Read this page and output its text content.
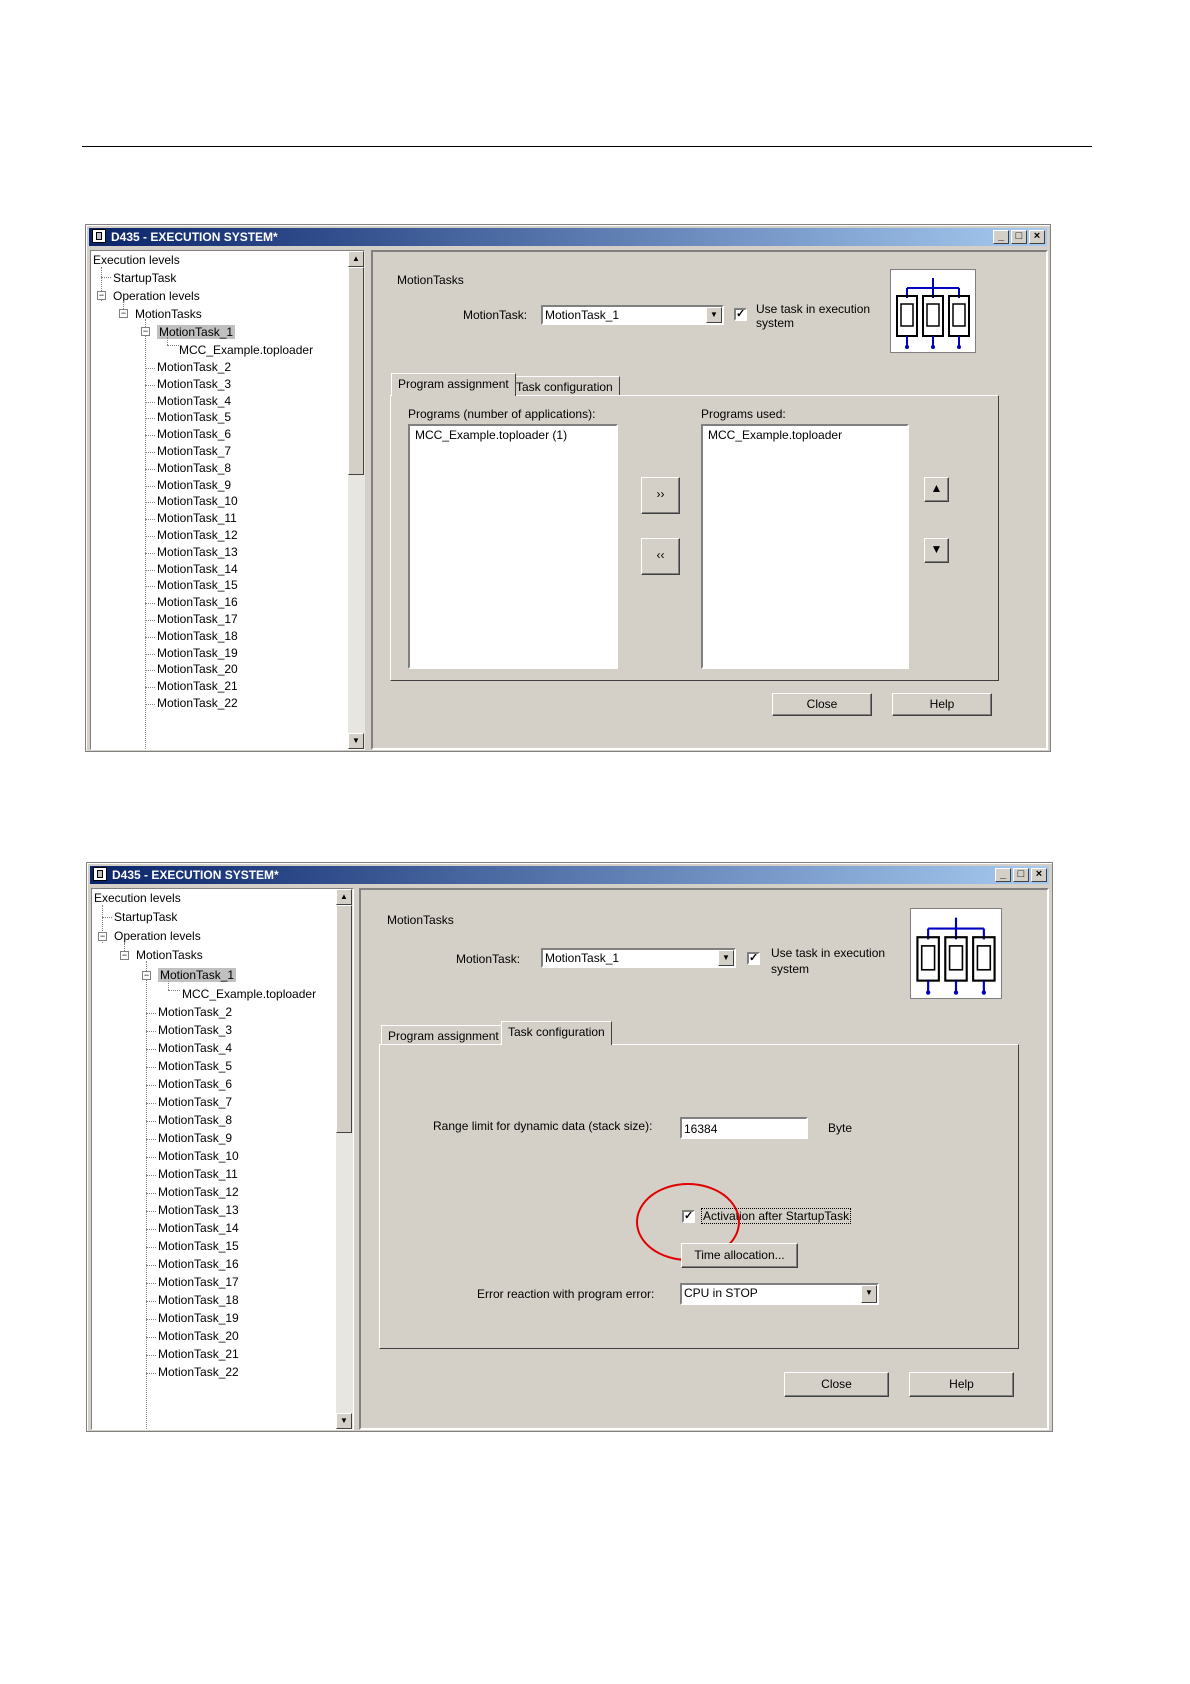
D435 - EXECUTION SYSTEM*	_	□	×
Execution levels
StartupTask
− Operation levels
− MotionTasks
− MotionTask_1
MCC_Example.toploader
MotionTask_2
MotionTask_3
MotionTask_4
MotionTask_5
MotionTask_6
MotionTask_7
MotionTask_8
MotionTask_9
MotionTask_10
MotionTask_11
MotionTask_12
MotionTask_13
MotionTask_14
MotionTask_15
MotionTask_16
MotionTask_17
MotionTask_18
MotionTask_19
MotionTask_20
MotionTask_21
MotionTask_22
▲
▼
MotionTasks
MotionTask: MotionTask_1	▼	✓ Use task in execution
system
Program assignment Task configuration
Programs (number of applications):
MCC_Example.toploader (1)
Programs used:
MCC_Example.toploader
››
‹‹
▲
▼
Close	Help
D435 - EXECUTION SYSTEM*	_	□	×
Execution levels
StartupTask
− Operation levels
− MotionTasks
− MotionTask_1
MCC_Example.toploader
MotionTask_2
MotionTask_3
MotionTask_4
MotionTask_5
MotionTask_6
MotionTask_7
MotionTask_8
MotionTask_9
MotionTask_10
MotionTask_11
MotionTask_12
MotionTask_13
MotionTask_14
MotionTask_15
MotionTask_16
MotionTask_17
MotionTask_18
MotionTask_19
MotionTask_20
MotionTask_21
MotionTask_22
▲
▼
MotionTasks
MotionTask: MotionTask_1	▼	✓ Use task in execution
system
Program assignment Task configuration
Range limit for dynamic data (stack size):	16384	Byte
✓ Activation after StartupTask
Time allocation...
Error reaction with program error: CPU in STOP	▼
Close	Help
